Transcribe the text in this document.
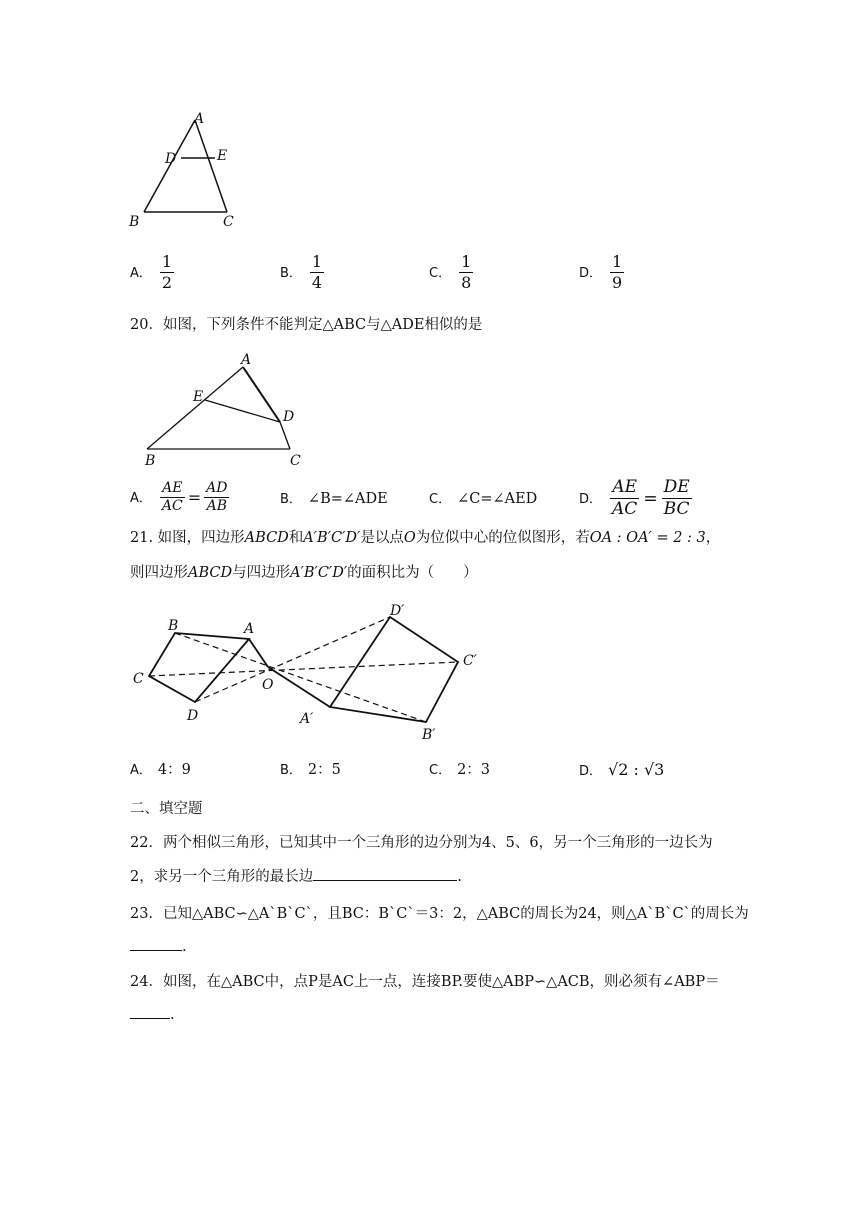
A
D	E
B	C
A． $\frac{1}{2}$	B． $\frac{1}{4}$	C． $\frac{1}{8}$	D． $\frac{1}{9}$
20．如图，下列条件不能判定△ABC与△ADE相似的是
A
E
D
B	C
A． $\frac{AE}{AC} = \frac{AD}{AB}$	B． ∠B=∠ADE	C． ∠C=∠AED	D． $\frac{AE}{AC} = \frac{DE}{BC}$
21. 如图，四边形ABCD和A′B′C′D′是以点O为位似中心的位似图形，若OA : OA′ = 2 : 3，
则四边形ABCD与四边形A′B′C′D′的面积比为（　　）
B	A
C	O
D
D′
C′
A′
B′
A． 4：9	B． 2：5	C． 2：3	D． √2 : √3
二、填空题
22．两个相似三角形，已知其中一个三角形的边分别为4、5、6，另一个三角形的一边长为
2，求另一个三角形的最长边	.
23．已知△ABC∽△A`B`C`，且BC：B`C`＝3：2，△ABC的周长为24，则△A`B`C`的周长为
.
24．如图，在△ABC中，点P是AC上一点，连接BP.要使△ABP∽△ACB，则必须有∠ABP＝
.
